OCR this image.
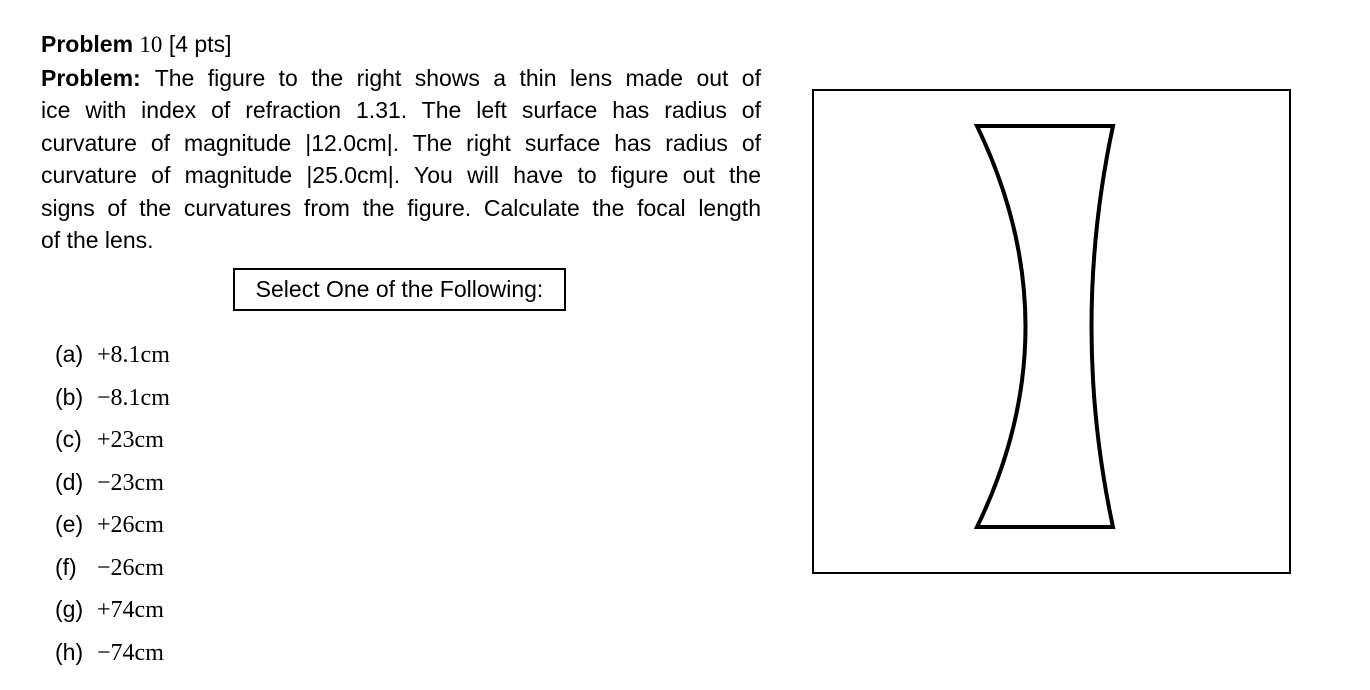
Problem 10 [4 pts]
Problem: The figure to the right shows a thin lens made out of
ice with index of refraction 1.31. The left surface has radius of
curvature of magnitude |12.0cm|. The right surface has radius of
curvature of magnitude |25.0cm|. You will have to figure out the
signs of the curvatures from the figure. Calculate the focal length
of the lens.
Select One of the Following:
(a) +8.1cm
(b) −8.1cm
(c) +23cm
(d) −23cm
(e) +26cm
(f) −26cm
(g) +74cm
(h) −74cm
